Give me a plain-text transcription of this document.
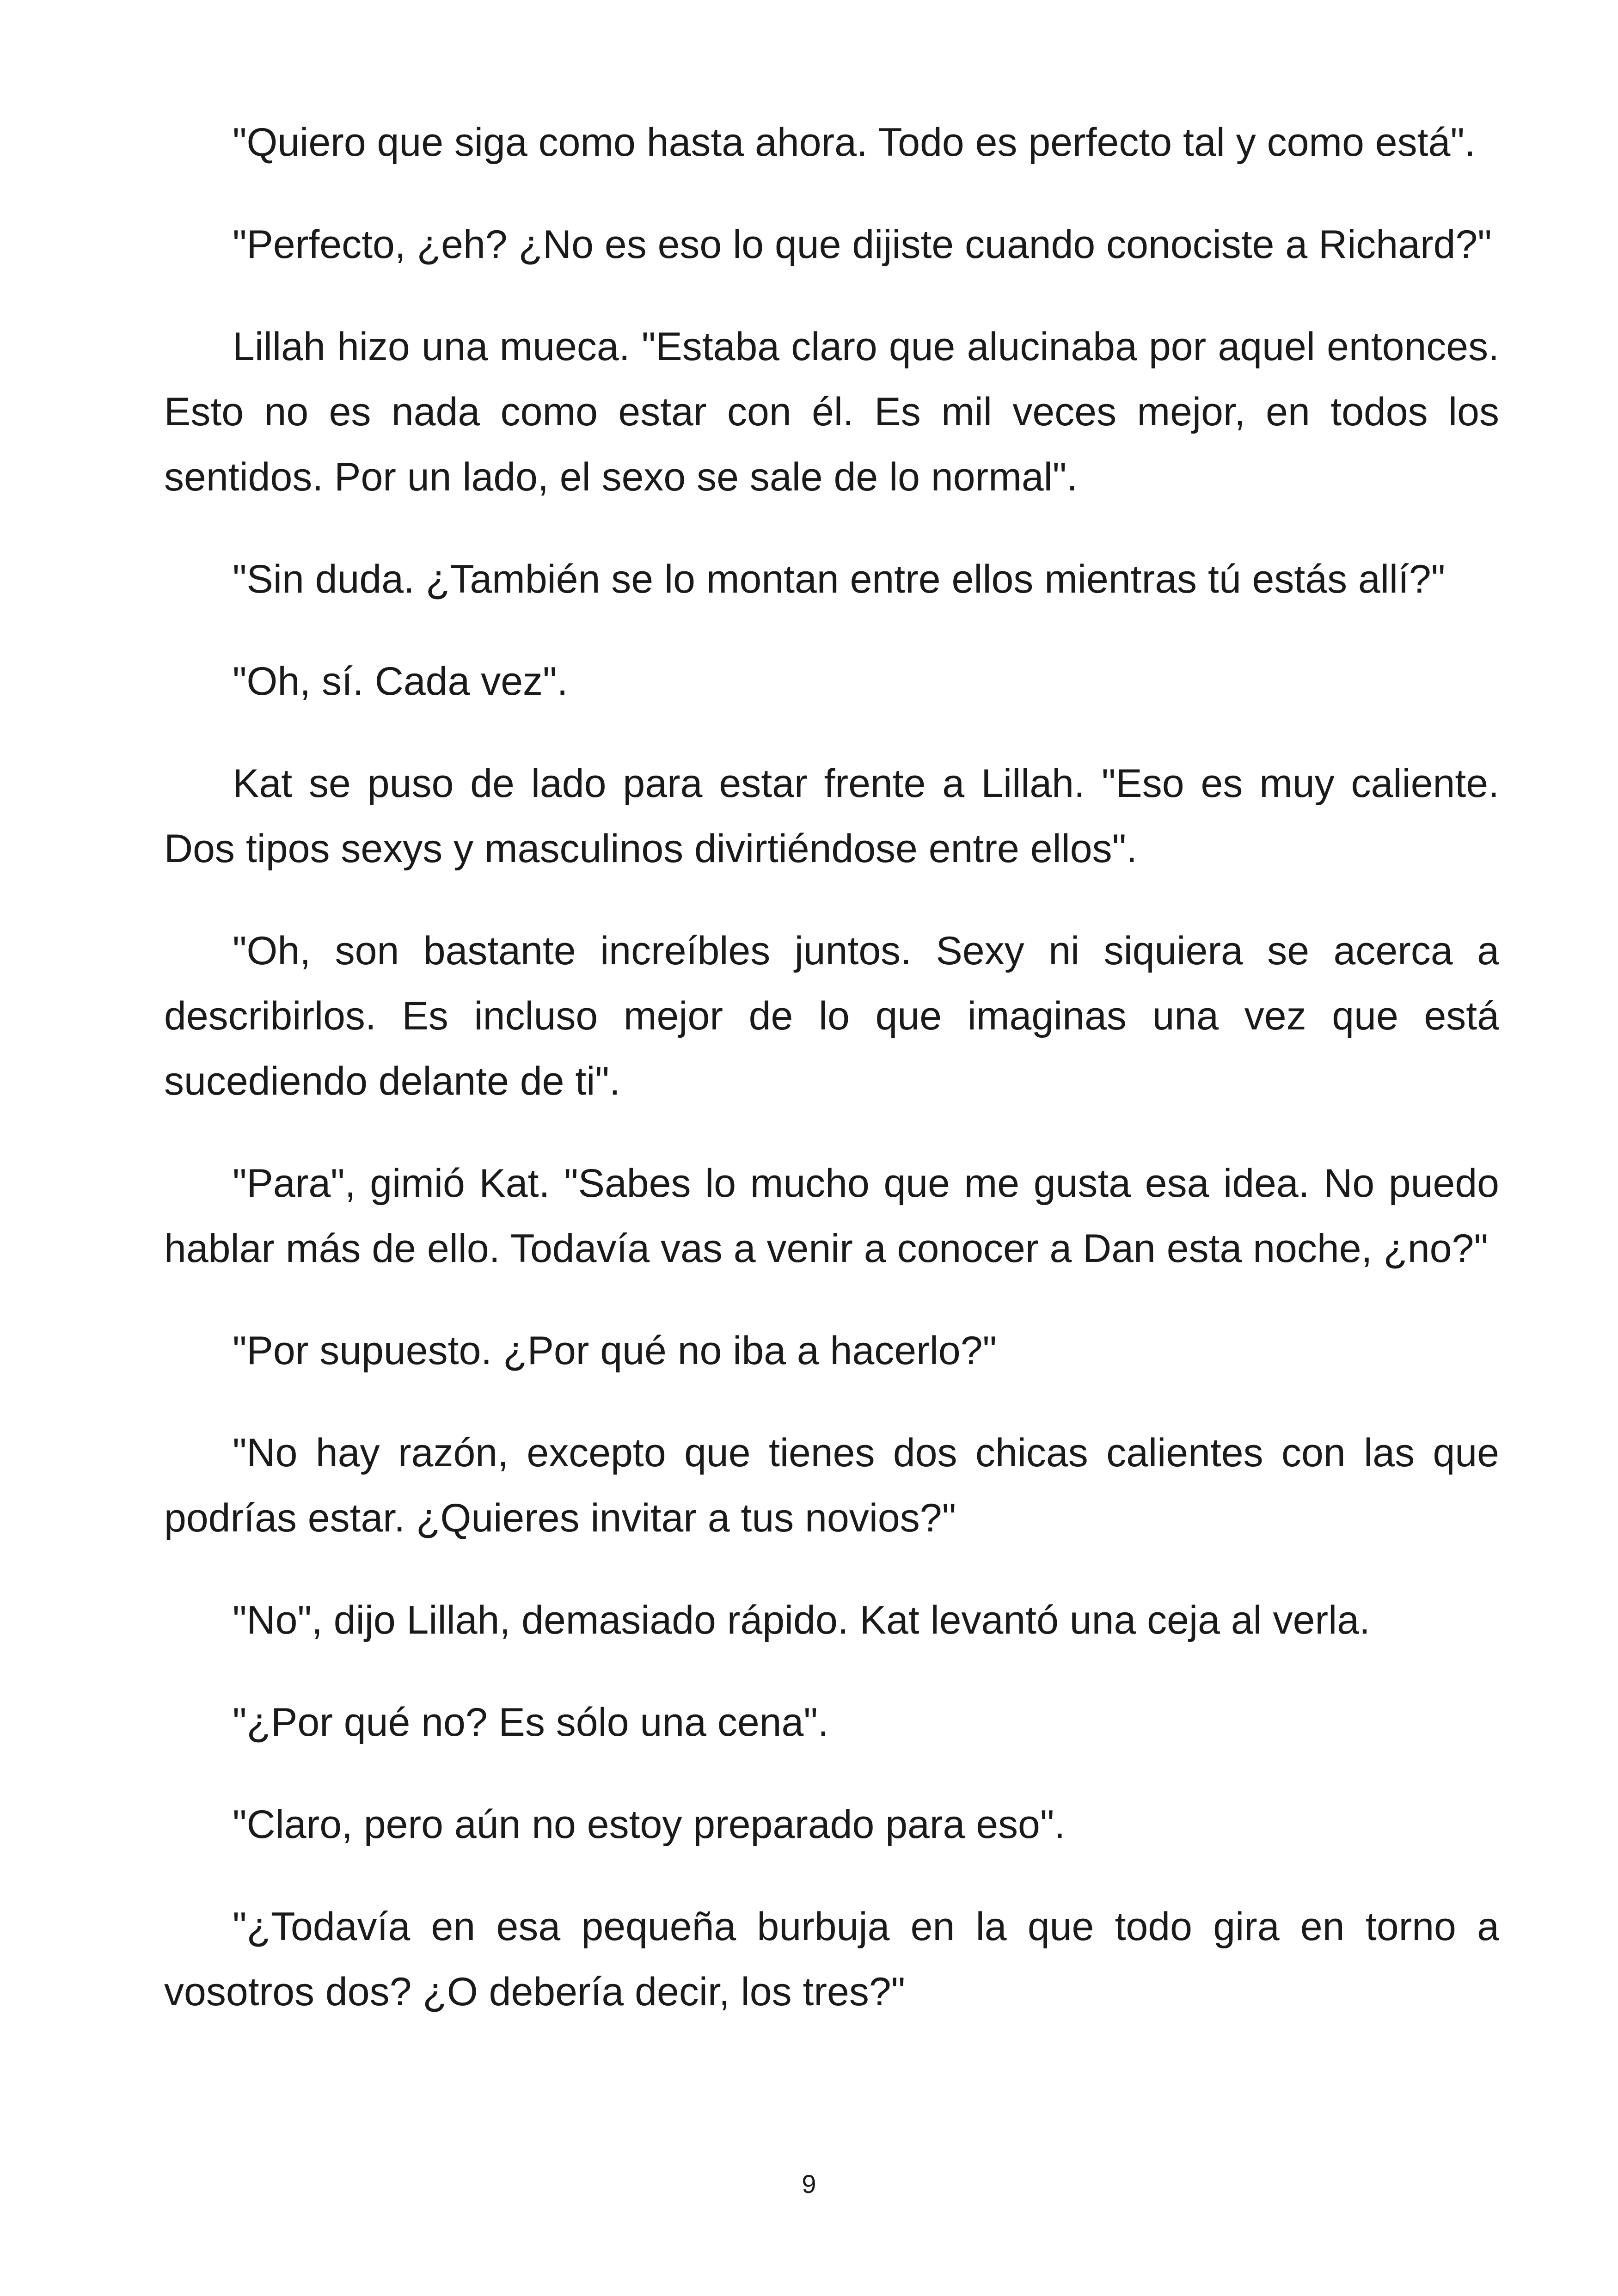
"Quiero que siga como hasta ahora. Todo es perfecto tal y como está".

"Perfecto, ¿eh? ¿No es eso lo que dijiste cuando conociste a Richard?"

Lillah hizo una mueca. "Estaba claro que alucinaba por aquel entonces. Esto no es nada como estar con él. Es mil veces mejor, en todos los sentidos. Por un lado, el sexo se sale de lo normal".

"Sin duda. ¿También se lo montan entre ellos mientras tú estás allí?"

"Oh, sí. Cada vez".

Kat se puso de lado para estar frente a Lillah. "Eso es muy caliente. Dos tipos sexys y masculinos divirtiéndose entre ellos".

"Oh, son bastante increíbles juntos. Sexy ni siquiera se acerca a describirlos. Es incluso mejor de lo que imaginas una vez que está sucediendo delante de ti".

"Para", gimió Kat. "Sabes lo mucho que me gusta esa idea. No puedo hablar más de ello. Todavía vas a venir a conocer a Dan esta noche, ¿no?"

"Por supuesto. ¿Por qué no iba a hacerlo?"

"No hay razón, excepto que tienes dos chicas calientes con las que podrías estar. ¿Quieres invitar a tus novios?"

"No", dijo Lillah, demasiado rápido. Kat levantó una ceja al verla.

"¿Por qué no? Es sólo una cena".

"Claro, pero aún no estoy preparado para eso".

"¿Todavía en esa pequeña burbuja en la que todo gira en torno a vosotros dos? ¿O debería decir, los tres?"

9
